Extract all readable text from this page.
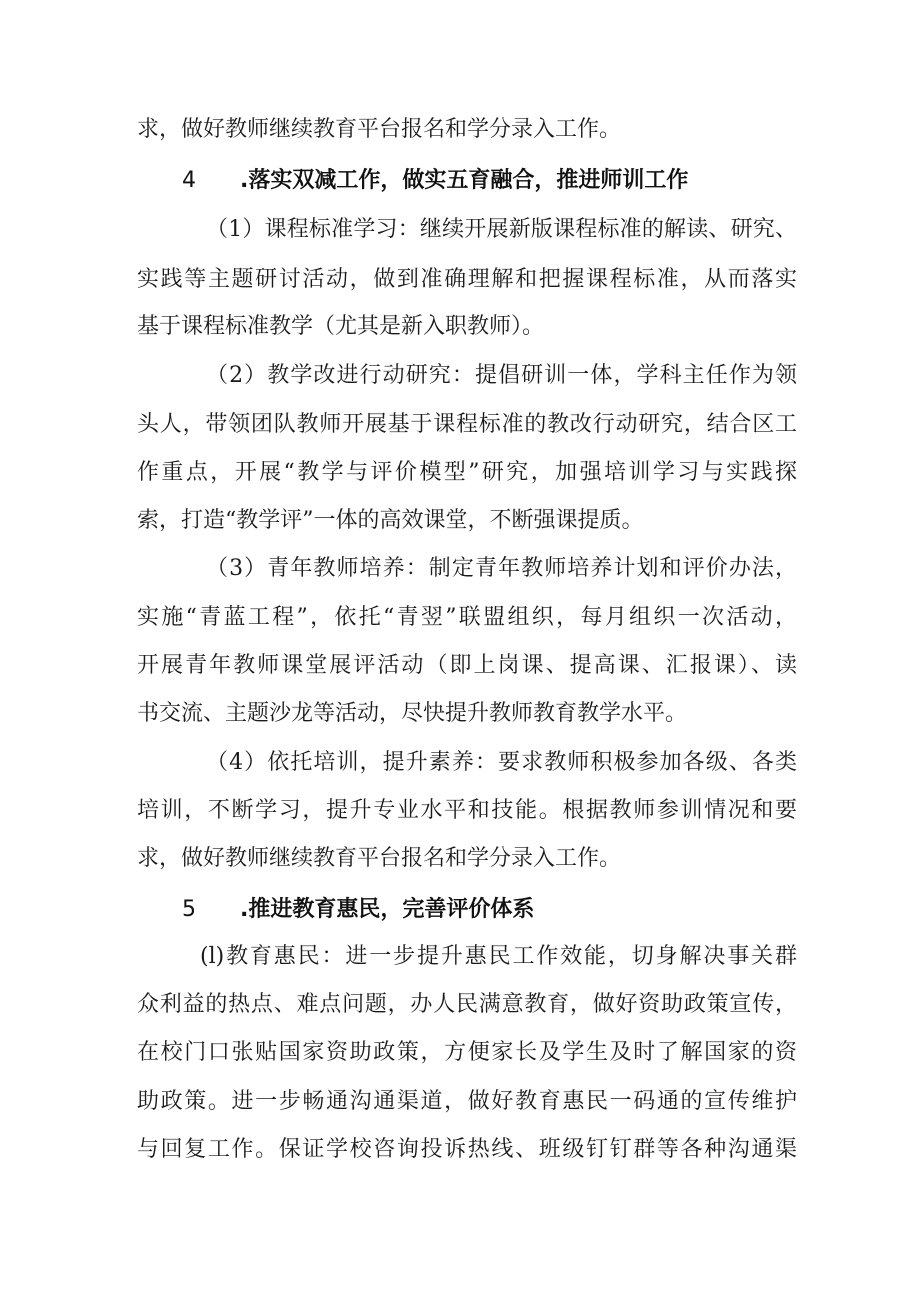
求，做好教师继续教育平台报名和学分录入工作。
4 .落实双减工作，做实五育融合，推进师训工作
（1）课程标准学习：继续开展新版课程标准的解读、研究、
实践等主题研讨活动，做到准确理解和把握课程标准，从而落实
基于课程标准教学（尤其是新入职教师）。
（2）教学改进行动研究：提倡研训一体，学科主任作为领
头人，带领团队教师开展基于课程标准的教改行动研究，结合区工
作重点，开展“教学与评价模型”研究，加强培训学习与实践探
索，打造“教学评”一体的高效课堂，不断强课提质。
（3）青年教师培养：制定青年教师培养计划和评价办法，
实施“青蓝工程”，依托“青翌”联盟组织，每月组织一次活动，
开展青年教师课堂展评活动（即上岗课、提高课、汇报课）、读
书交流、主题沙龙等活动，尽快提升教师教育教学水平。
（4）依托培训，提升素养：要求教师积极参加各级、各类
培训，不断学习，提升专业水平和技能。根据教师参训情况和要
求，做好教师继续教育平台报名和学分录入工作。
5 .推进教育惠民，完善评价体系
(l)教育惠民：进一步提升惠民工作效能，切身解决事关群
众利益的热点、难点问题，办人民满意教育，做好资助政策宣传，
在校门口张贴国家资助政策，方便家长及学生及时了解国家的资
助政策。进一步畅通沟通渠道，做好教育惠民一码通的宣传维护
与回复工作。保证学校咨询投诉热线、班级钉钉群等各种沟通渠
